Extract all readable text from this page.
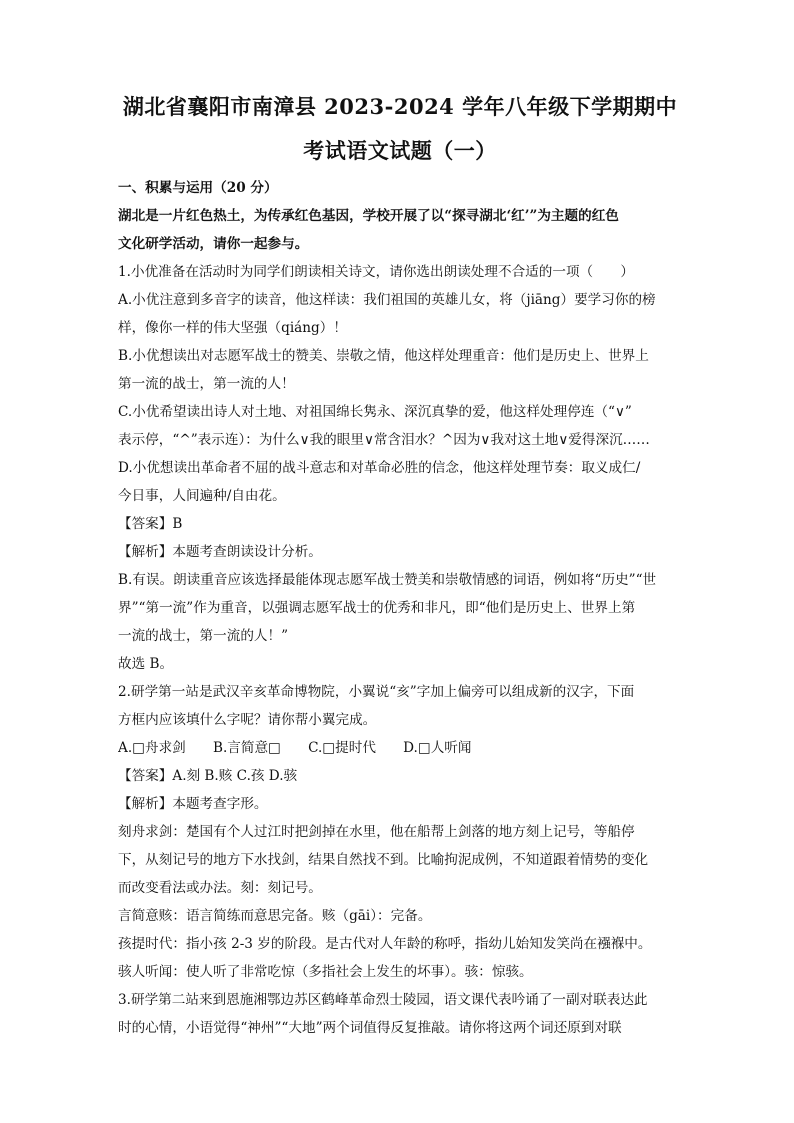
湖北省襄阳市南漳县 2023-2024 学年八年级下学期期中
考试语文试题（一）

一、积累与运用（20 分）

湖北是一片红色热土，为传承红色基因，学校开展了以“探寻湖北‘红’”为主题的红色

文化研学活动，请你一起参与。

1.小优准备在活动时为同学们朗读相关诗文，请你选出朗读处理不合适的一项（　　）

A.小优注意到多音字的读音，他这样读：我们祖国的英雄儿女，将（jiāng）要学习你的榜

样，像你一样的伟大坚强（qiáng）！

B.小优想读出对志愿军战士的赞美、崇敬之情，他这样处理重音：他们是历史上、世界上

第一流的战士，第一流的人！

C.小优希望读出诗人对土地、对祖国绵长隽永、深沉真挚的爱，他这样处理停连（“∨”

表示停，“^”表示连）：为什么∨我的眼里∨常含泪水？^因为∨我对这土地∨爱得深沉……

D.小优想读出革命者不屈的战斗意志和对革命必胜的信念，他这样处理节奏：取义成仁/

今日事，人间遍种/自由花。

【答案】B

【解析】本题考查朗读设计分析。

B.有误。朗读重音应该选择最能体现志愿军战士赞美和崇敬情感的词语，例如将“历史”“世

界”“第一流”作为重音，以强调志愿军战士的优秀和非凡，即“他们是历史上、世界上第

一流的战士，第一流的人！”

故选 B。

2.研学第一站是武汉辛亥革命博物院，小翼说“亥”字加上偏旁可以组成新的汉字，下面

方框内应该填什么字呢？请你帮小翼完成。

A.□舟求剑　　B.言简意□　　C.□提时代　　D.□人听闻

【答案】A.刻 B.赅 C.孩 D.骇

【解析】本题考查字形。

刻舟求剑：楚国有个人过江时把剑掉在水里，他在船帮上剑落的地方刻上记号，等船停

下，从刻记号的地方下水找剑，结果自然找不到。比喻拘泥成例，不知道跟着情势的变化

而改变看法或办法。刻：刻记号。

言简意赅：语言简练而意思完备。赅（gāi）：完备。

孩提时代：指小孩 2-3 岁的阶段。是古代对人年龄的称呼，指幼儿始知发笑尚在襁褓中。

骇人听闻：使人听了非常吃惊（多指社会上发生的坏事）。骇：惊骇。

3.研学第二站来到恩施湘鄂边苏区鹤峰革命烈士陵园，语文课代表吟诵了一副对联表达此

时的心情，小语觉得“神州”“大地”两个词值得反复推敲。请你将这两个词还原到对联
